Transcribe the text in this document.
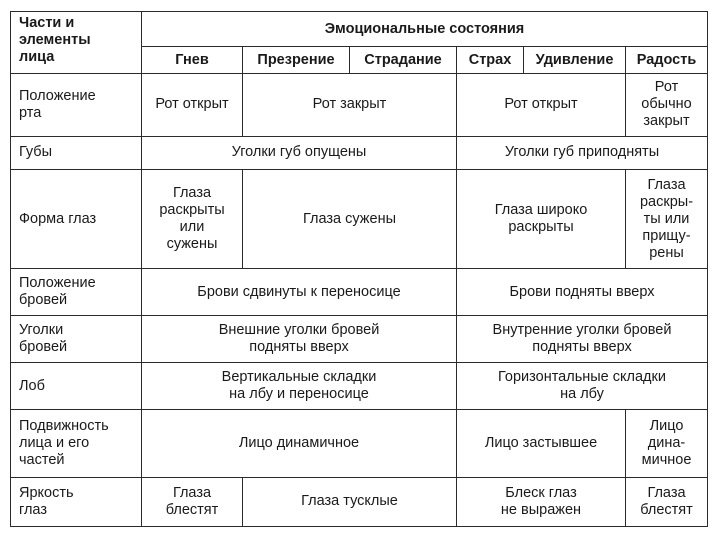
Части и
элементы
лица	Эмоциональные состояния					
	Гнев	Презрение	Страдание	Страх	Удивление	Радость
Положение
рта	Рот открыт	Рот закрыт		Рот открыт		Рот
обычно
закрыт
Губы	Уголки губ опущены			Уголки губ приподняты		
Форма глаз	Глаза
раскрыты
или
сужены	Глаза сужены		Глаза широко
раскрыты		Глаза
раскры-
ты или
прищу-
рены
Положение
бровей	Брови сдвинуты к переносице			Брови подняты вверх		
Уголки
бровей	Внешние уголки бровей
подняты вверх			Внутренние уголки бровей
подняты вверх		
Лоб	Вертикальные складки
на лбу и переносице			Горизонтальные складки
на лбу		
Подвижность
лица и его
частей	Лицо динамичное			Лицо застывшее		Лицо
дина-
мичное
Яркость
глаз	Глаза
блестят	Глаза тусклые		Блеск глаз
не выражен		Глаза
блестят
